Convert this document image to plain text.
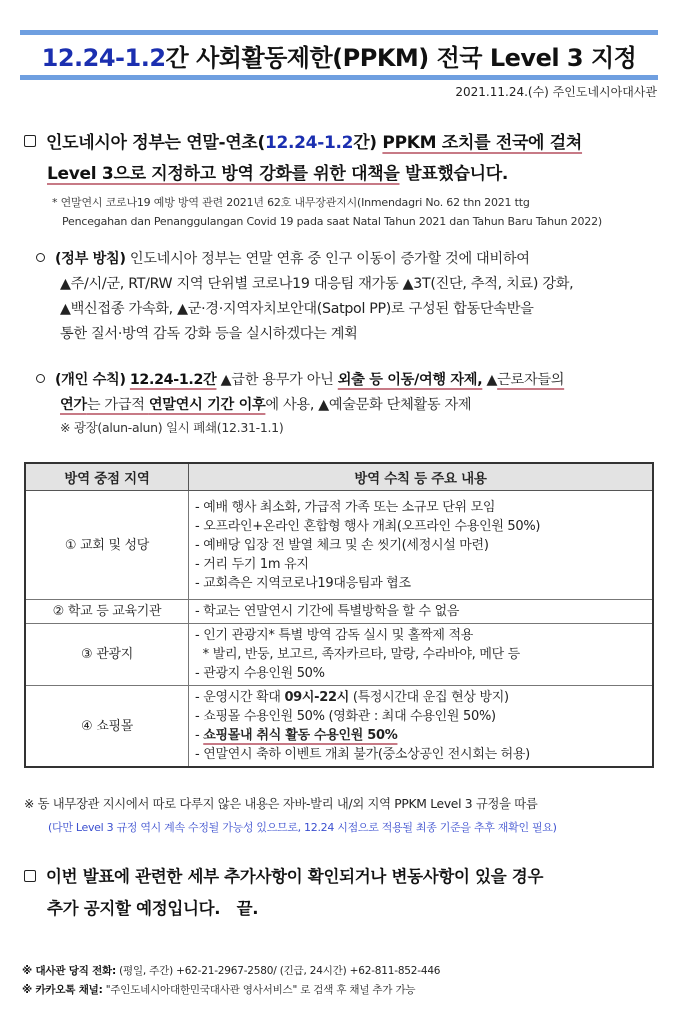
12.24-1.2간 사회활동제한(PPKM) 전국 Level 3 지정
2021.11.24.(수) 주인도네시아대사관
인도네시아 정부는 연말-연초(12.24-1.2간) PPKM 조치를 전국에 걸쳐
Level 3으로 지정하고 방역 강화를 위한 대책을 발표했습니다.
* 연말연시 코로나19 예방 방역 관련 2021년 62호 내무장관지시(Inmendagri No. 62 thn 2021 ttg
Pencegahan dan Penanggulangan Covid 19 pada saat Natal Tahun 2021 dan Tahun Baru Tahun 2022)
(정부 방침) 인도네시아 정부는 연말 연휴 중 인구 이동이 증가할 것에 대비하여
▲주/시/군, RT/RW 지역 단위별 코로나19 대응팀 재가동 ▲3T(진단, 추적, 치료) 강화,
▲백신접종 가속화, ▲군·경·지역자치보안대(Satpol PP)로 구성된 합동단속반을
통한 질서·방역 감독 강화 등을 실시하겠다는 계획
(개인 수칙) 12.24-1.2간 ▲급한 용무가 아닌 외출 등 이동/여행 자제, ▲근로자들의
연가는 가급적 연말연시 기간 이후에 사용, ▲예술문화 단체활동 자제
※ 광장(alun-alun) 일시 폐쇄(12.31-1.1)
방역 중점 지역	방역 수칙 등 주요 내용
① 교회 및 성당	- 예배 행사 최소화, 가급적 가족 또는 소규모 단위 모임
- 오프라인+온라인 혼합형 행사 개최(오프라인 수용인원 50%)
- 예배당 입장 전 발열 체크 및 손 씻기(세정시설 마련)
- 거리 두기 1m 유지
- 교회측은 지역코로나19대응팀과 협조

② 학교 등 교육기관	- 학교는 연말연시 기간에 특별방학을 할 수 없음

③ 관광지	- 인기 관광지* 특별 방역 감독 실시 및 홀짝제 적용
* 발리, 반둥, 보고르, 족자카르타, 말랑, 수라바야, 메단 등
- 관광지 수용인원 50%

④ 쇼핑몰	- 운영시간 확대 09시-22시 (특정시간대 운집 현상 방지)
- 쇼핑몰 수용인원 50% (영화관 : 최대 수용인원 50%)
- 쇼핑몰내 취식 활동 수용인원 50%
- 연말연시 축하 이벤트 개최 불가(중소상공인 전시회는 허용)
※ 동 내무장관 지시에서 따로 다루지 않은 내용은 자바-발리 내/외 지역 PPKM Level 3 규정을 따름
(다만 Level 3 규정 역시 계속 수정될 가능성 있으므로, 12.24 시점으로 적용될 최종 기준을 추후 재확인 필요)
이번 발표에 관련한 세부 추가사항이 확인되거나 변동사항이 있을 경우
추가 공지할 예정입니다.   끝.
※ 대사관 당직 전화: (평일, 주간) +62-21-2967-2580/ (긴급, 24시간) +62-811-852-446
※ 카카오톡 채널: "주인도네시아대한민국대사관 영사서비스" 로 검색 후 채널 추가 가능
